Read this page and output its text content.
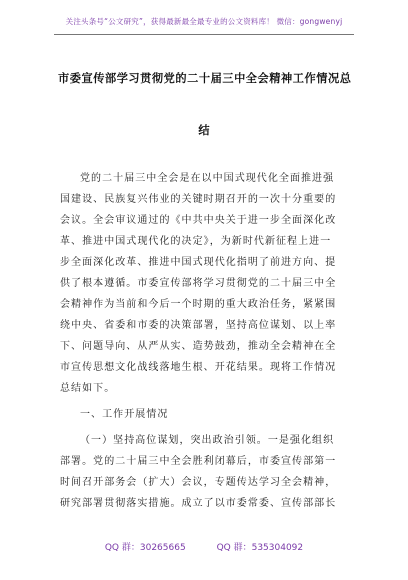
关注头条号“公文研究”，获得最新最全最专业的公文资料库！ 微信：gongwenyj
市委宣传部学习贯彻党的二十届三中全会精神工作情况总
结
党的二十届三中全会是在以中国式现代化全面推进强
国建设、民族复兴伟业的关键时期召开的一次十分重要的
会议。全会审议通过的《中共中央关于进一步全面深化改
革、推进中国式现代化的决定》，为新时代新征程上进一
步全面深化改革、推进中国式现代化指明了前进方向、提
供了根本遵循。市委宣传部将学习贯彻党的二十届三中全
会精神作为当前和今后一个时期的重大政治任务，紧紧围
绕中央、省委和市委的决策部署，坚持高位谋划、以上率
下、问题导向、从严从实、造势鼓劲，推动全会精神在全
市宣传思想文化战线落地生根、开花结果。现将工作情况
总结如下。
一、工作开展情况
（一）坚持高位谋划，突出政治引领。一是强化组织
部署。党的二十届三中全会胜利闭幕后，市委宣传部第一
时间召开部务会（扩大）会议，专题传达学习全会精神，
研究部署贯彻落实措施。成立了以市委常委、宣传部部长
QQ 群：30265665	QQ 群：535304092
